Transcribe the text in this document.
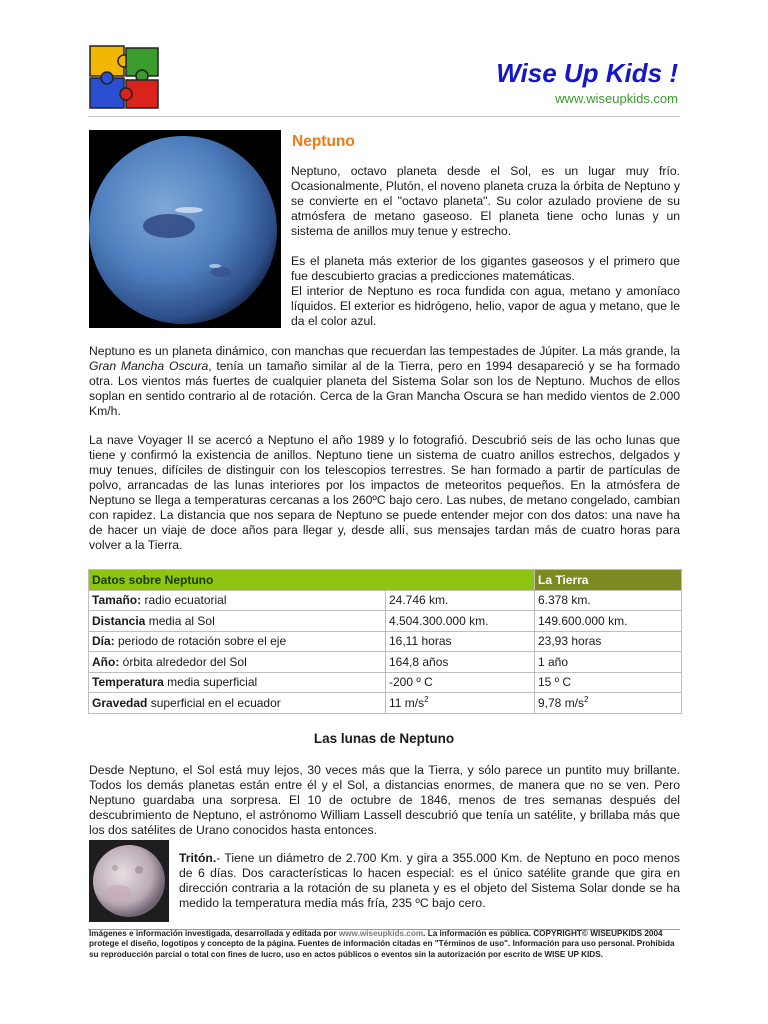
Wise Up Kids !
www.wiseupkids.com
Neptuno

Neptuno, octavo planeta desde el Sol, es un lugar muy frío. Ocasionalmente, Plutón, el noveno planeta cruza la órbita de Neptuno y se convierte en el "octavo planeta". Su color azulado proviene de su atmósfera de metano gaseoso. El planeta tiene ocho lunas y un sistema de anillos muy tenue y estrecho.

Es el planeta más exterior de los gigantes gaseosos y el primero que fue descubierto gracias a predicciones matemáticas.
El interior de Neptuno es roca fundida con agua, metano y amoníaco líquidos. El exterior es hidrógeno, helio, vapor de agua y metano, que le da el color azul.

Neptuno es un planeta dinámico, con manchas que recuerdan las tempestades de Júpiter. La más grande, la Gran Mancha Oscura, tenía un tamaño similar al de la Tierra, pero en 1994 desapareció y se ha formado otra. Los vientos más fuertes de cualquier planeta del Sistema Solar son los de Neptuno. Muchos de ellos soplan en sentido contrario al de rotación. Cerca de la Gran Mancha Oscura se han medido vientos de 2.000 Km/h.

La nave Voyager II se acercó a Neptuno el año 1989 y lo fotografió. Descubrió seis de las ocho lunas que tiene y confirmó la existencia de anillos. Neptuno tiene un sistema de cuatro anillos estrechos, delgados y muy tenues, difíciles de distinguir con los telescopios terrestres. Se han formado a partir de partículas de polvo, arrancadas de las lunas interiores por los impactos de meteoritos pequeños. En la atmósfera de Neptuno se llega a temperaturas cercanas a los 260ºC bajo cero. Las nubes, de metano congelado, cambian con rapidez. La distancia que nos separa de Neptuno se puede entender mejor con dos datos: una nave ha de hacer un viaje de doce años para llegar y, desde allí, sus mensajes tardan más de cuatro horas para volver a la Tierra.

Datos sobre Neptuno		La Tierra
Tamaño: radio ecuatorial	24.746 km.	6.378 km.
Distancia media al Sol	4.504.300.000 km.	149.600.000 km.
Día: periodo de rotación sobre el eje	16,11 horas	23,93 horas
Año: órbita alrededor del Sol	164,8 años	1 año
Temperatura media superficial	-200 º C	15 º C
Gravedad superficial en el ecuador	11 $m/s^2$	9,78 $m/s^2$
Las lunas de Neptuno

Desde Neptuno, el Sol está muy lejos, 30 veces más que la Tierra, y sólo parece un puntito muy brillante. Todos los demás planetas están entre él y el Sol, a distancias enormes, de manera que no se ven. Pero Neptuno guardaba una sorpresa. El 10 de octubre de 1846, menos de tres semanas después del descubrimiento de Neptuno, el astrónomo William Lassell descubrió que tenía un satélite, y brillaba más que los dos satélites de Urano conocidos hasta entonces.

Tritón.- Tiene un diámetro de 2.700 Km. y gira a 355.000 Km. de Neptuno en poco menos de 6 días. Dos características lo hacen especial: es el único satélite grande que gira en dirección contraria a la rotación de su planeta y es el objeto del Sistema Solar donde se ha medido la temperatura media más fría, 235 ºC bajo cero.

Imágenes e información investigada, desarrollada y editada por www.wiseupkids.com. La información es pública. COPYRIGHT© WISEUPKIDS 2004 protege el diseño, logotipos y concepto de la página. Fuentes de información citadas en "Términos de uso". Información para uso personal. Prohibida su reproducción parcial o total con fines de lucro, uso en actos públicos o eventos sin la autorización por escrito de WISE UP KIDS.
